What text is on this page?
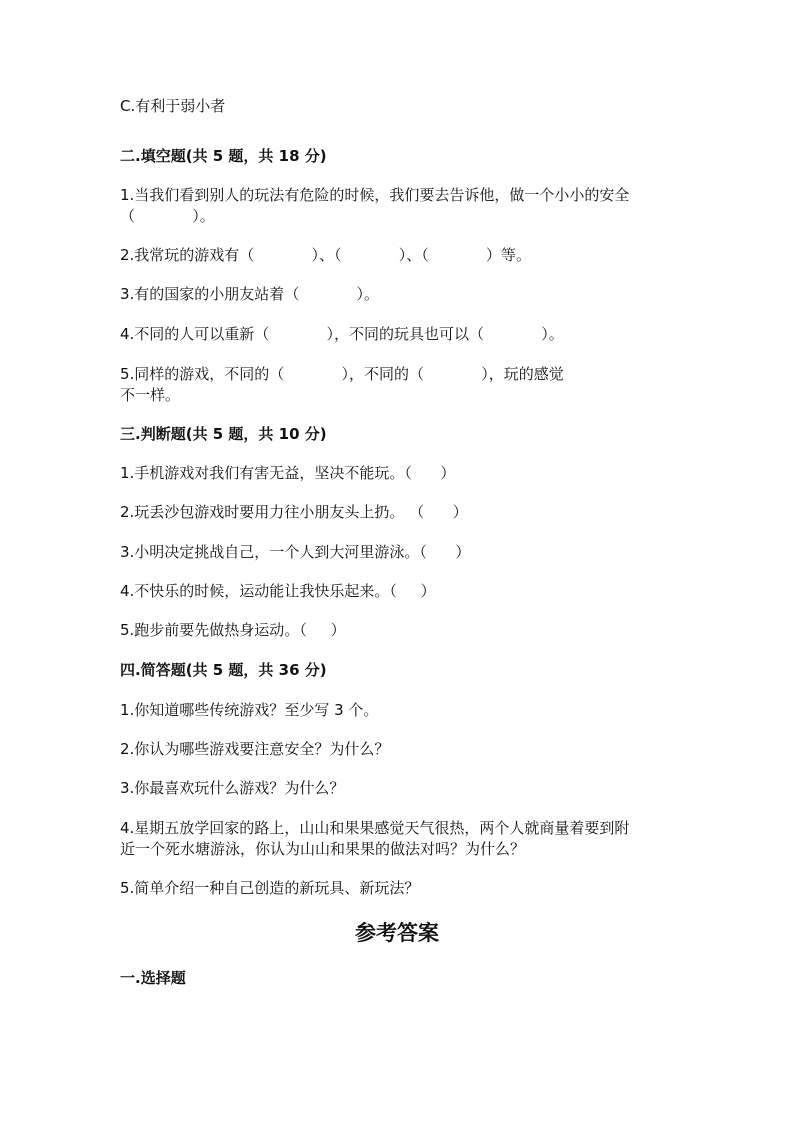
C.有利于弱小者
二.填空题(共 5 题，共 18 分)
1.当我们看到别人的玩法有危险的时候，我们要去告诉他，做一个小小的安全
（            ）。
2.我常玩的游戏有（            ）、（            ）、（            ）等。
3.有的国家的小朋友站着（            ）。
4.不同的人可以重新（            ），不同的玩具也可以（            ）。
5.同样的游戏，不同的（            ），不同的（            ），玩的感觉
不一样。
三.判断题(共 5 题，共 10 分)
1.手机游戏对我们有害无益，坚决不能玩。（      ）
2.玩丢沙包游戏时要用力往小朋友头上扔。 （      ）
3.小明决定挑战自己，一个人到大河里游泳。（      ）
4.不快乐的时候，运动能让我快乐起来。（     ）
5.跑步前要先做热身运动。（     ）
四.简答题(共 5 题，共 36 分)
1.你知道哪些传统游戏？至少写 3 个。
2.你认为哪些游戏要注意安全？为什么？
3.你最喜欢玩什么游戏？为什么？
4.星期五放学回家的路上，山山和果果感觉天气很热，两个人就商量着要到附
近一个死水塘游泳，你认为山山和果果的做法对吗？为什么？
5.简单介绍一种自己创造的新玩具、新玩法？
参考答案
一.选择题
